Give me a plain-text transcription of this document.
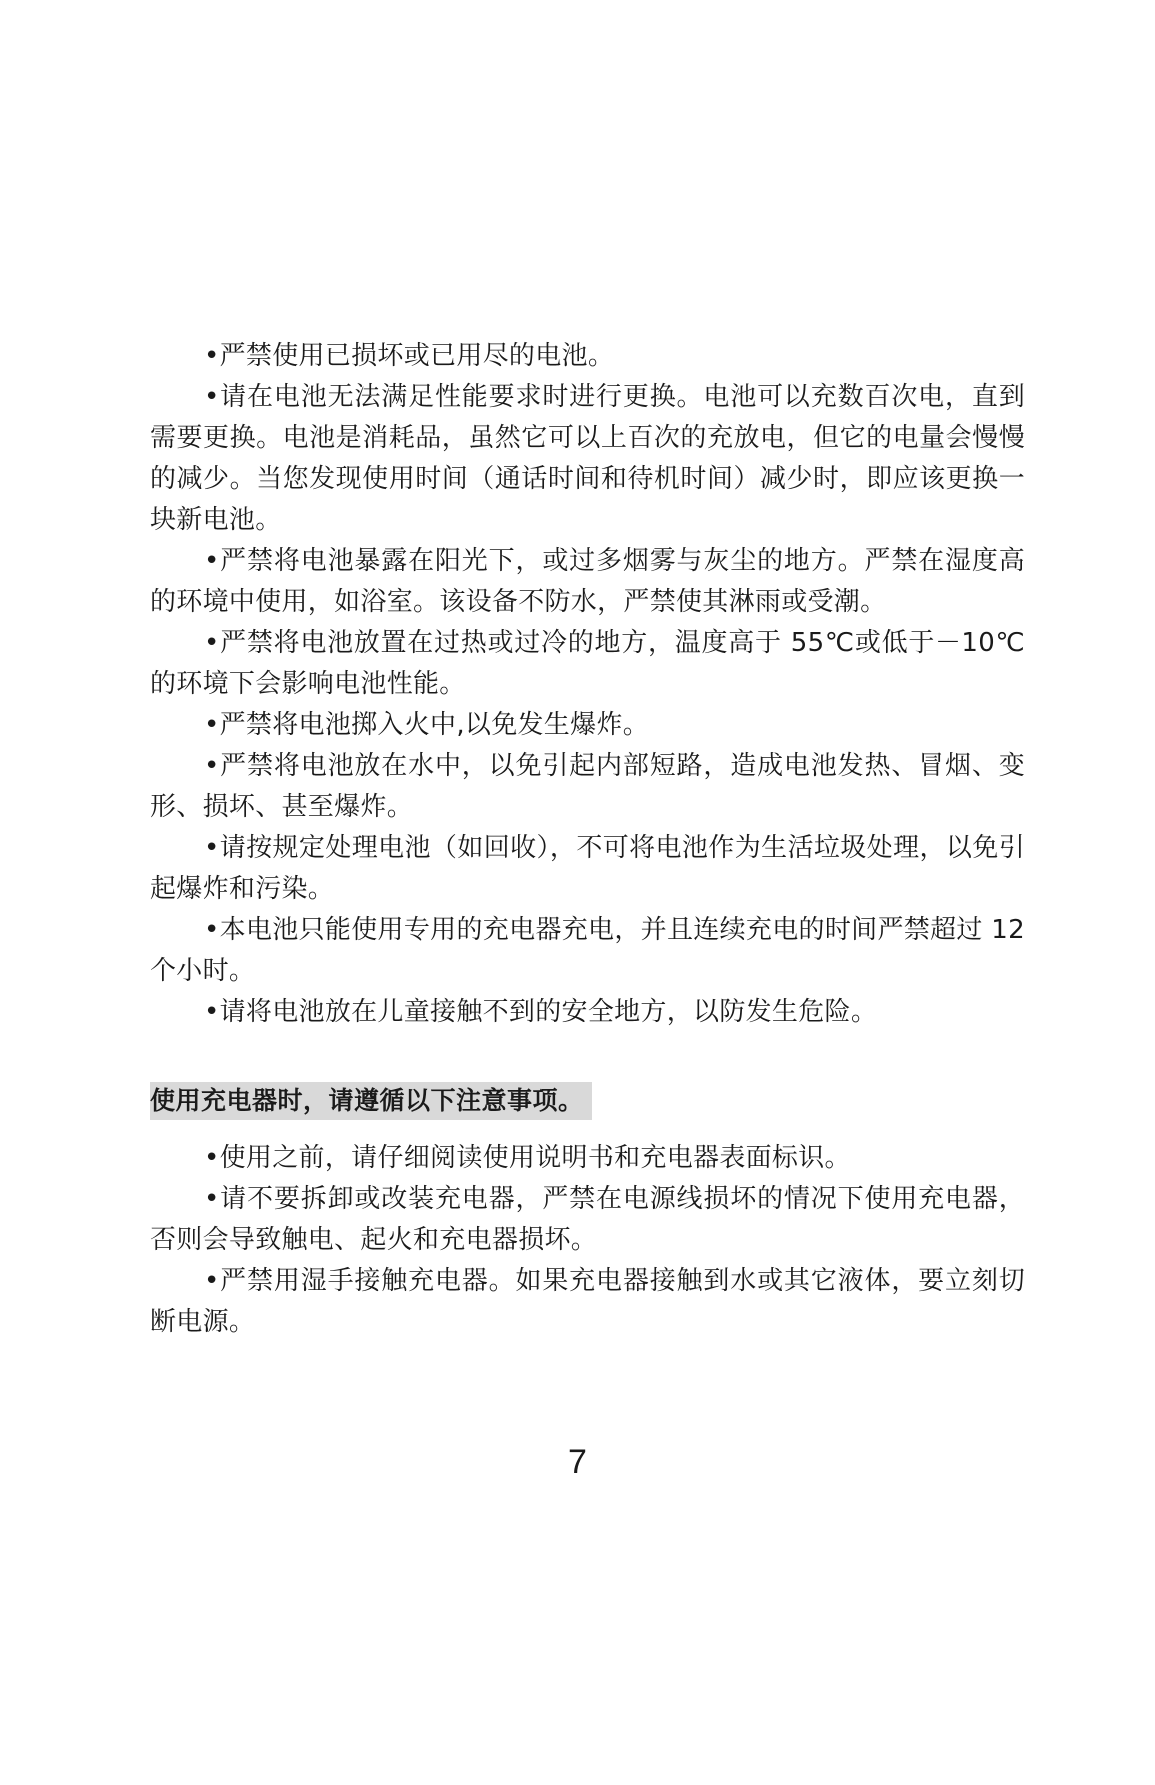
•严禁使用已损坏或已用尽的电池。

•请在电池无法满足性能要求时进行更换。电池可以充数百次电，直到需要更换。电池是消耗品，虽然它可以上百次的充放电，但它的电量会慢慢的减少。当您发现使用时间（通话时间和待机时间）减少时，即应该更换一块新电池。

•严禁将电池暴露在阳光下，或过多烟雾与灰尘的地方。严禁在湿度高的环境中使用，如浴室。该设备不防水，严禁使其淋雨或受潮。

•严禁将电池放置在过热或过冷的地方，温度高于 55℃或低于－10℃的环境下会影响电池性能。

•严禁将电池掷入火中,以免发生爆炸。

•严禁将电池放在水中，以免引起内部短路，造成电池发热、冒烟、变形、损坏、甚至爆炸。

•请按规定处理电池（如回收），不可将电池作为生活垃圾处理，以免引起爆炸和污染。

•本电池只能使用专用的充电器充电，并且连续充电的时间严禁超过 12 个小时。

•请将电池放在儿童接触不到的安全地方，以防发生危险。

使用充电器时，请遵循以下注意事项。

•使用之前，请仔细阅读使用说明书和充电器表面标识。

•请不要拆卸或改装充电器，严禁在电源线损坏的情况下使用充电器，否则会导致触电、起火和充电器损坏。

•严禁用湿手接触充电器。如果充电器接触到水或其它液体，要立刻切断电源。

7
